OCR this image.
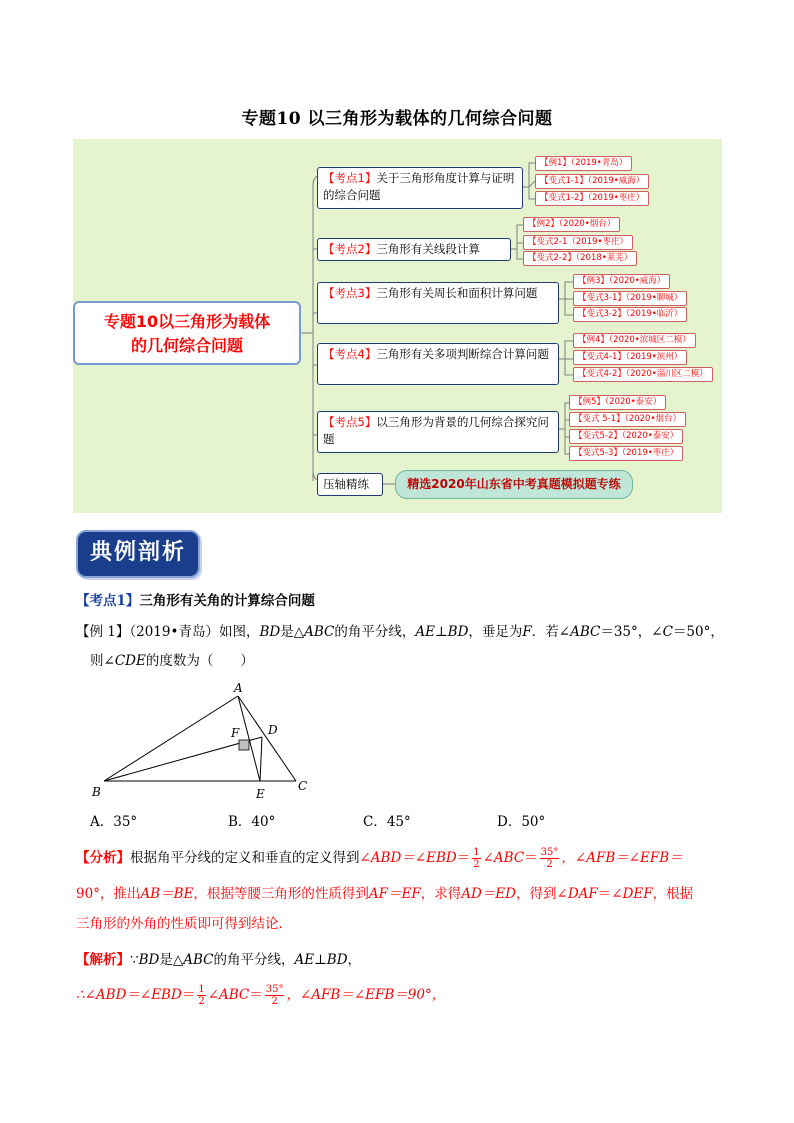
专题10 以三角形为载体的几何综合问题
专题10以三角形为载体
的几何综合问题
【考点1】关于三角形角度计算与证明的综合问题
【例1】（2019•青岛）
【变式1-1】（2019•威海）
【变式1-2】（2019•枣庄）
【考点2】三角形有关线段计算
【例2】（2020•烟台）
【变式2-1（2019•枣庄）
【变式2-2】（2018•莱芜）
【考点3】三角形有关周长和面积计算问题
【例3】（2020•威海）
【变式3-1】（2019•聊城）
【变式3-2】（2019•临沂）
【考点4】三角形有关多项判断综合计算问题
【例4】（2020•滨城区二模）
【变式4-1】（2019•滨州）
【变式4-2】（2020•淄川区二模）
【考点5】以三角形为背景的几何综合探究问题
【例5】（2020•泰安）
【变式 5-1】（2020•烟台）
【变式5-2】（2020•泰安）
【变式5-3】（2019•枣庄）
压轴精练	精选2020年山东省中考真题模拟题专练
典例剖析
【考点1】三角形有关角的计算综合问题
【例 1】（2019•青岛）如图，BD是△ABC的角平分线，AE⊥BD，垂足为F．若∠ABC＝35°，∠C＝50°，
则∠CDE的度数为（　　）
A
B	C
D
E
F
A．35°	B．40°	C．45°	D．50°
【分析】根据角平分线的定义和垂直的定义得到∠ABD＝∠EBD＝ $\frac{1}{2}$ ∠ABC＝ $\frac{35^\circ}{2}$ ，∠AFB＝∠EFB＝
90°，推出AB＝BE，根据等腰三角形的性质得到AF＝EF，求得AD＝ED，得到∠DAF＝∠DEF，根据
三角形的外角的性质即可得到结论．
【解析】∵BD是△ABC的角平分线，AE⊥BD，
∴∠ABD＝∠EBD＝ $\frac{1}{2}$ ∠ABC＝ $\frac{35^\circ}{2}$ ，∠AFB＝∠EFB＝90°，
